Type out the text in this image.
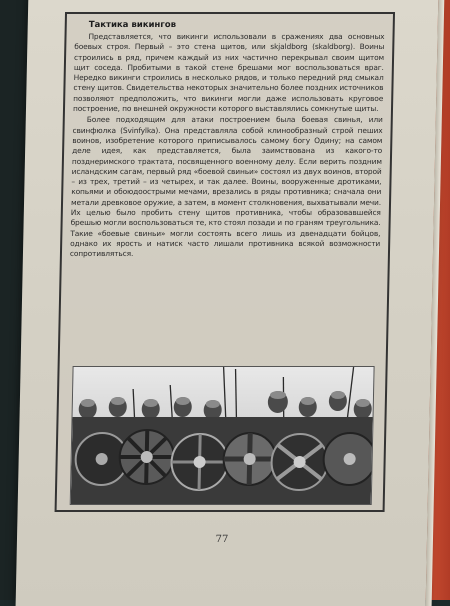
Тактика викингов

Представляется, что викинги использовали в сражениях два основных боевых строя. Первый – это стена щитов, или skjaldborg (skaldborg). Воины строились в ряд, причем каждый из них частично перекрывал своим щитом щит соседа. Пробитыми в такой стене брешами мог воспользоваться враг. Нередко викинги строились в несколько рядов, и только передний ряд смыкал стену щитов. Свидетельства некоторых значительно более поздних источников позволяют предположить, что викинги могли даже использовать круговое построение, по внешней окружности которого выставлялись сомкнутые щиты.

Более подходящим для атаки построением была боевая свинья, или свинфюлка (Svinfylka). Она представляла собой клинообразный строй пеших воинов, изобретение которого приписывалось самому богу Одину; на самом деле идея, как представляется, была заимствована из какого-то позднеримского трактата, посвященного военному делу. Если верить поздним исландским сагам, первый ряд «боевой свиньи» состоял из двух воинов, второй – из трех, третий – из четырех, и так далее. Воины, вооруженные дротиками, копьями и обоюдоострыми мечами, врезались в ряды противника; сначала они метали древковое оружие, а затем, в момент столкновения, выхватывали мечи. Их целью было пробить стену щитов противника, чтобы образовавшейся брешью могли воспользоваться те, кто стоял позади и по граням треугольника. Такие «боевые свиньи» могли состоять всего лишь из двенадцати бойцов, однако их ярость и натиск часто лишали противника всякой возможности сопротивляться.

77
